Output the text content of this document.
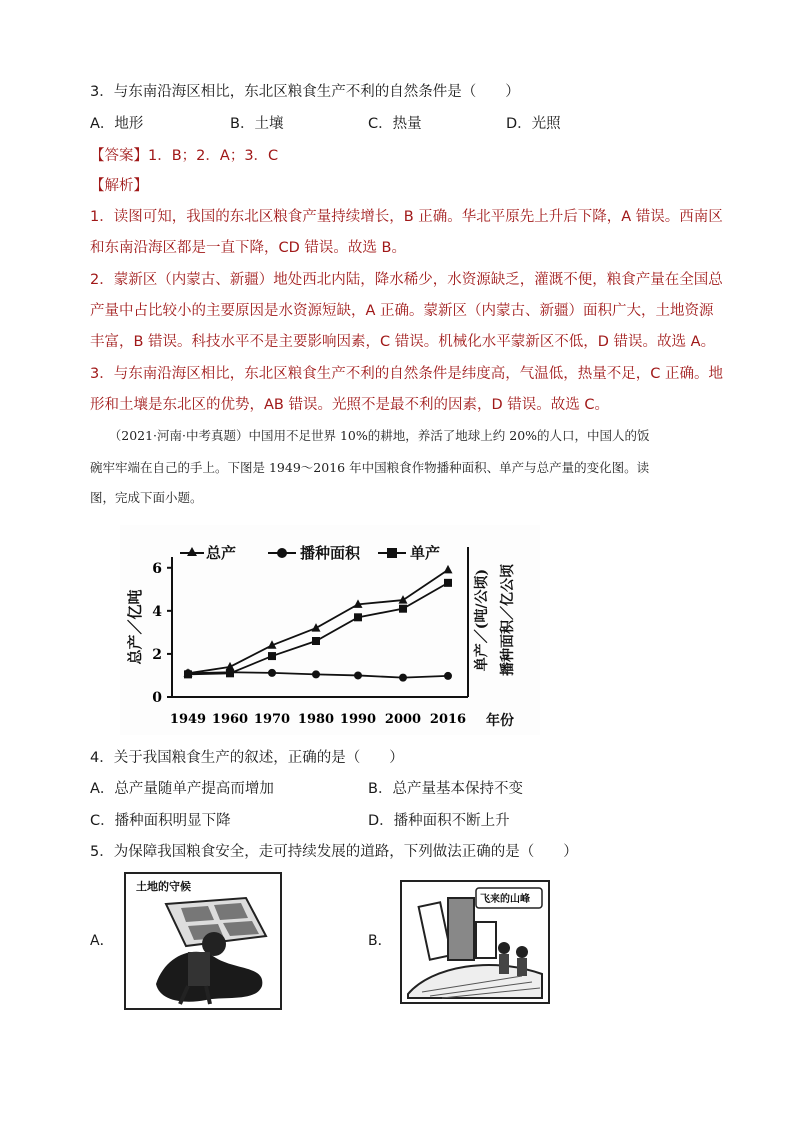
3．与东南沿海区相比，东北区粮食生产不利的自然条件是（　　）
A．地形	B．土壤	C．热量	D．光照
【答案】1．B；2．A；3．C
【解析】
1．读图可知，我国的东北区粮食产量持续增长，B 正确。华北平原先上升后下降，A 错误。西南区
和东南沿海区都是一直下降，CD 错误。故选 B。
2．蒙新区（内蒙古、新疆）地处西北内陆，降水稀少，水资源缺乏，灌溉不便，粮食产量在全国总
产量中占比较小的主要原因是水资源短缺，A 正确。蒙新区（内蒙古、新疆）面积广大，土地资源
丰富，B 错误。科技水平不是主要影响因素，C 错误。机械化水平蒙新区不低，D 错误。故选 A。
3．与东南沿海区相比，东北区粮食生产不利的自然条件是纬度高，气温低，热量不足，C 正确。地
形和土壤是东北区的优势，AB 错误。光照不是最不利的因素，D 错误。故选 C。
　　（2021·河南·中考真题）中国用不足世界 10%的耕地，养活了地球上约 20%的人口，中国人的饭
碗牢牢端在自己的手上。下图是 1949～2016 年中国粮食作物播种面积、单产与总产量的变化图。读
图，完成下面小题。
0
2
4
6
1949 1960 1970 1980 1990 2000 2016
总产／亿吨	单产／(吨/公顷) 播种面积／亿公顷
年份
总产	播种面积	单产
4．关于我国粮食生产的叙述，正确的是（　　）
A．总产量随单产提高而增加	B．总产量基本保持不变
C．播种面积明显下降	D．播种面积不断上升
5．为保障我国粮食安全，走可持续发展的道路，下列做法正确的是（　　）
A．
土地的守候
B．
飞来的山峰
